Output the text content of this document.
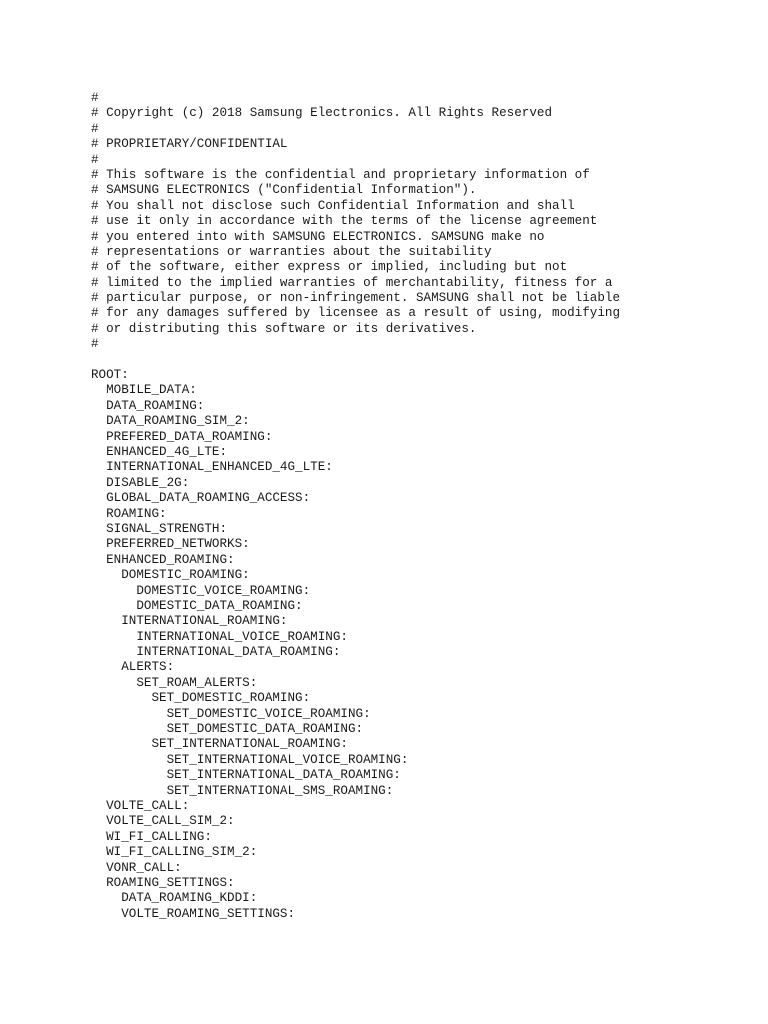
#
# Copyright (c) 2018 Samsung Electronics. All Rights Reserved
#
# PROPRIETARY/CONFIDENTIAL
#
# This software is the confidential and proprietary information of
# SAMSUNG ELECTRONICS ("Confidential Information").
# You shall not disclose such Confidential Information and shall
# use it only in accordance with the terms of the license agreement
# you entered into with SAMSUNG ELECTRONICS. SAMSUNG make no
# representations or warranties about the suitability
# of the software, either express or implied, including but not
# limited to the implied warranties of merchantability, fitness for a
# particular purpose, or non-infringement. SAMSUNG shall not be liable
# for any damages suffered by licensee as a result of using, modifying
# or distributing this software or its derivatives.
#
ROOT:
MOBILE_DATA:
DATA_ROAMING:
DATA_ROAMING_SIM_2:
PREFERED_DATA_ROAMING:
ENHANCED_4G_LTE:
INTERNATIONAL_ENHANCED_4G_LTE:
DISABLE_2G:
GLOBAL_DATA_ROAMING_ACCESS:
ROAMING:
SIGNAL_STRENGTH:
PREFERRED_NETWORKS:
ENHANCED_ROAMING:
DOMESTIC_ROAMING:
DOMESTIC_VOICE_ROAMING:
DOMESTIC_DATA_ROAMING:
INTERNATIONAL_ROAMING:
INTERNATIONAL_VOICE_ROAMING:
INTERNATIONAL_DATA_ROAMING:
ALERTS:
SET_ROAM_ALERTS:
SET_DOMESTIC_ROAMING:
SET_DOMESTIC_VOICE_ROAMING:
SET_DOMESTIC_DATA_ROAMING:
SET_INTERNATIONAL_ROAMING:
SET_INTERNATIONAL_VOICE_ROAMING:
SET_INTERNATIONAL_DATA_ROAMING:
SET_INTERNATIONAL_SMS_ROAMING:
VOLTE_CALL:
VOLTE_CALL_SIM_2:
WI_FI_CALLING:
WI_FI_CALLING_SIM_2:
VONR_CALL:
ROAMING_SETTINGS:
DATA_ROAMING_KDDI:
VOLTE_ROAMING_SETTINGS:
